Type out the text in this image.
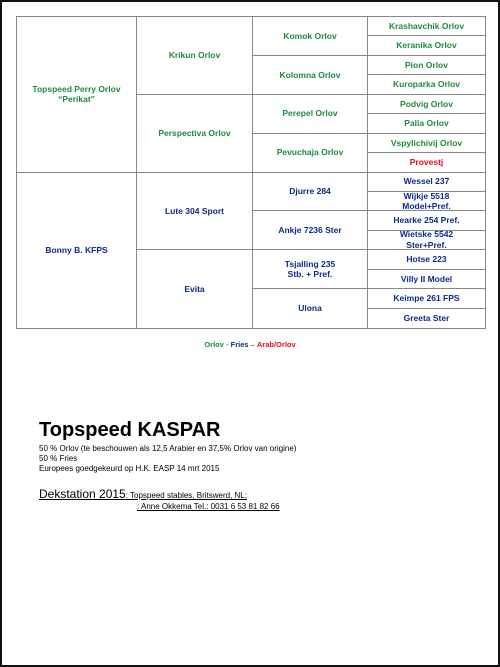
Topspeed Perry Orlov
“Perikat”
Bonny B. KFPS
Krikun Orlov
Perspectiva Orlov
Lute 304 Sport
Evita
Komok Orlov
Kolomna Orlov
Perepel Orlov
Pevuchaja Orlov
Djurre 284
Ankje 7236 Ster
Tsjalling 235
Stb. + Pref.
Ulona
Krashavchik Orlov
Keranika Orlov
Pion Orlov
Kuroparka Orlov
Podvig Orlov
Palia Orlov
Vspylichivij Orlov
Provestj
Wessel 237
Wijkje 5518
Model+Pref.
Hearke 254 Pref.
Wietske 5542
Ster+Pref.
Hotse 223
Villy II Model
Keimpe 261 FPS
Greeta Ster
Orlov - Fries – Arab/Orlov
Topspeed KASPAR
50 % Orlov (te beschouwen als 12,5 Arabier en 37,5% Orlov van origine)
50 % Fries
Europees goedgekeurd op H.K. EASP 14 mrt 2015
Dekstation 2015: Topspeed stables, Britswerd, NL;
: Anne Okkema Tel.: 0031 6 53 81 82 66
